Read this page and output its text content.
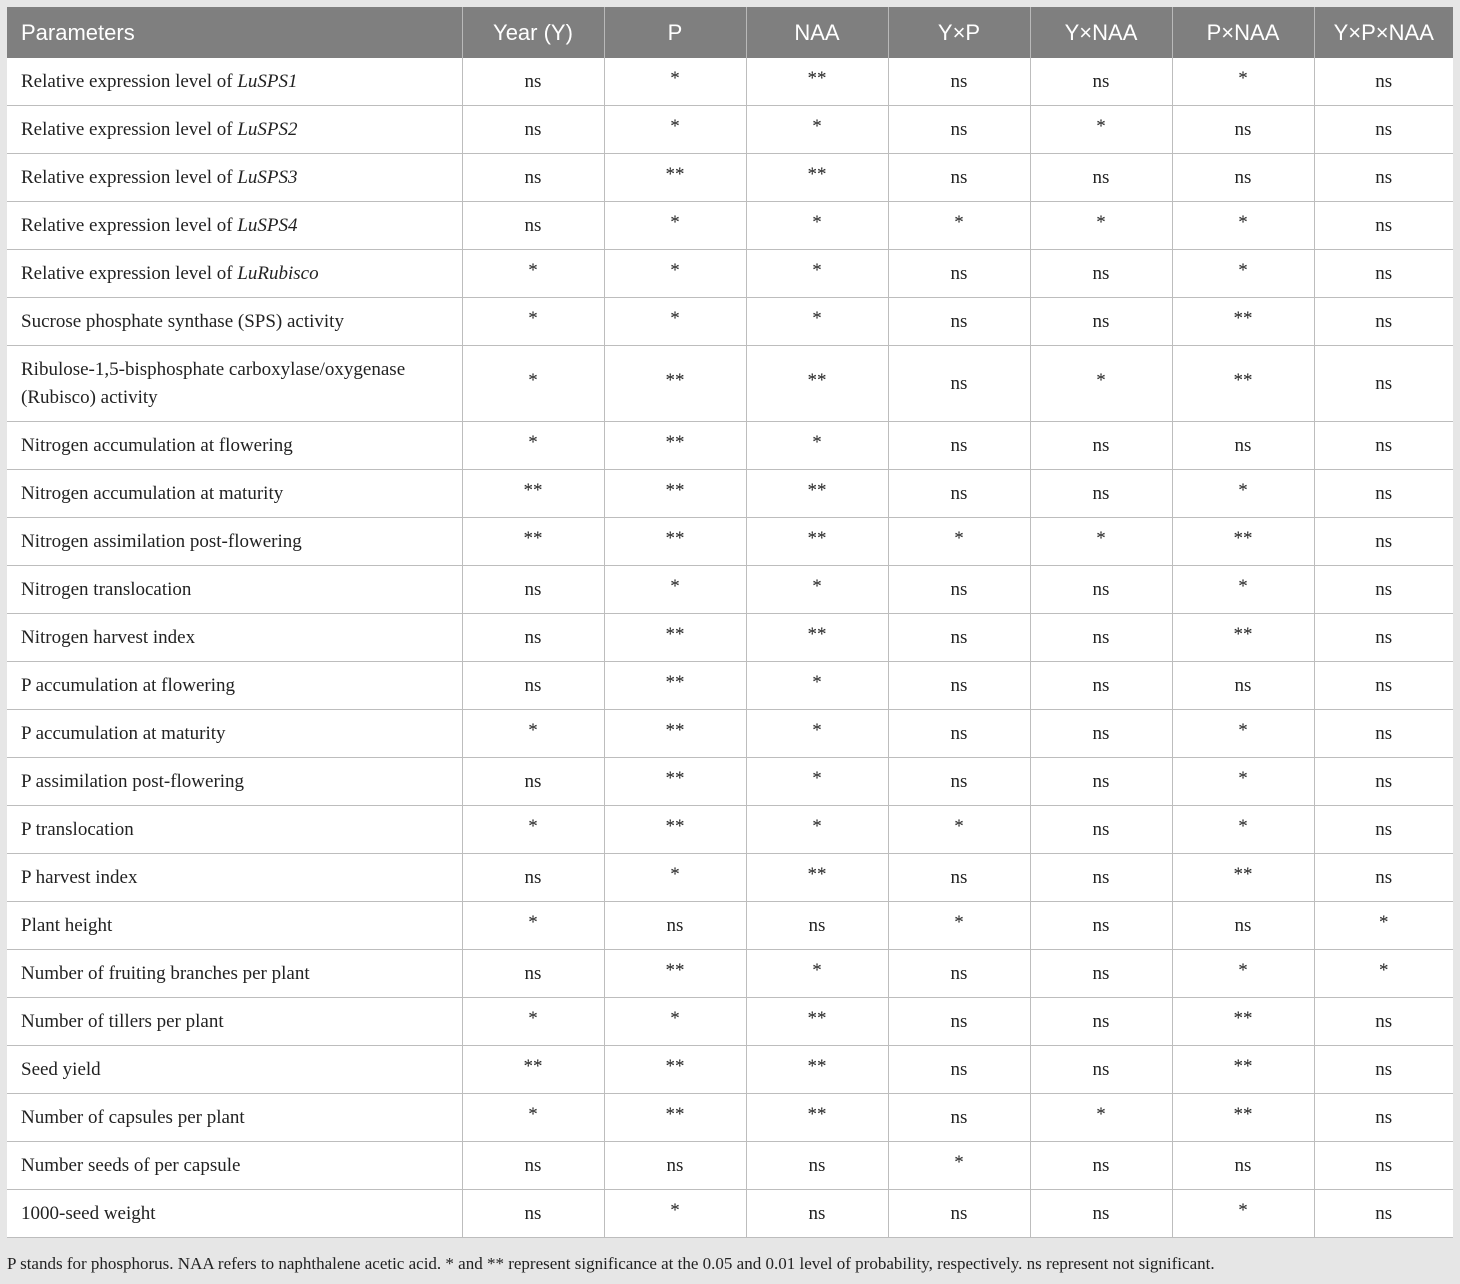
Parameters	Year (Y)	P	NAA	Y×P	Y×NAA	P×NAA	Y×P×NAA
Relative expression level of LuSPS1	ns	*	**	ns	ns	*	ns
Relative expression level of LuSPS2	ns	*	*	ns	*	ns	ns
Relative expression level of LuSPS3	ns	**	**	ns	ns	ns	ns
Relative expression level of LuSPS4	ns	*	*	*	*	*	ns
Relative expression level of LuRubisco	*	*	*	ns	ns	*	ns
Sucrose phosphate synthase (SPS) activity	*	*	*	ns	ns	**	ns
Ribulose-1,5-bisphosphate carboxylase/oxygenase (Rubisco) activity	*	**	**	ns	*	**	ns
Nitrogen accumulation at flowering	*	**	*	ns	ns	ns	ns
Nitrogen accumulation at maturity	**	**	**	ns	ns	*	ns
Nitrogen assimilation post-flowering	**	**	**	*	*	**	ns
Nitrogen translocation	ns	*	*	ns	ns	*	ns
Nitrogen harvest index	ns	**	**	ns	ns	**	ns
P accumulation at flowering	ns	**	*	ns	ns	ns	ns
P accumulation at maturity	*	**	*	ns	ns	*	ns
P assimilation post-flowering	ns	**	*	ns	ns	*	ns
P translocation	*	**	*	*	ns	*	ns
P harvest index	ns	*	**	ns	ns	**	ns
Plant height	*	ns	ns	*	ns	ns	*
Number of fruiting branches per plant	ns	**	*	ns	ns	*	*
Number of tillers per plant	*	*	**	ns	ns	**	ns
Seed yield	**	**	**	ns	ns	**	ns
Number of capsules per plant	*	**	**	ns	*	**	ns
Number seeds of per capsule	ns	ns	ns	*	ns	ns	ns
1000-seed weight	ns	*	ns	ns	ns	*	ns
P stands for phosphorus. NAA refers to naphthalene acetic acid. * and ** represent significance at the 0.05 and 0.01 level of probability, respectively. ns represent not significant.
